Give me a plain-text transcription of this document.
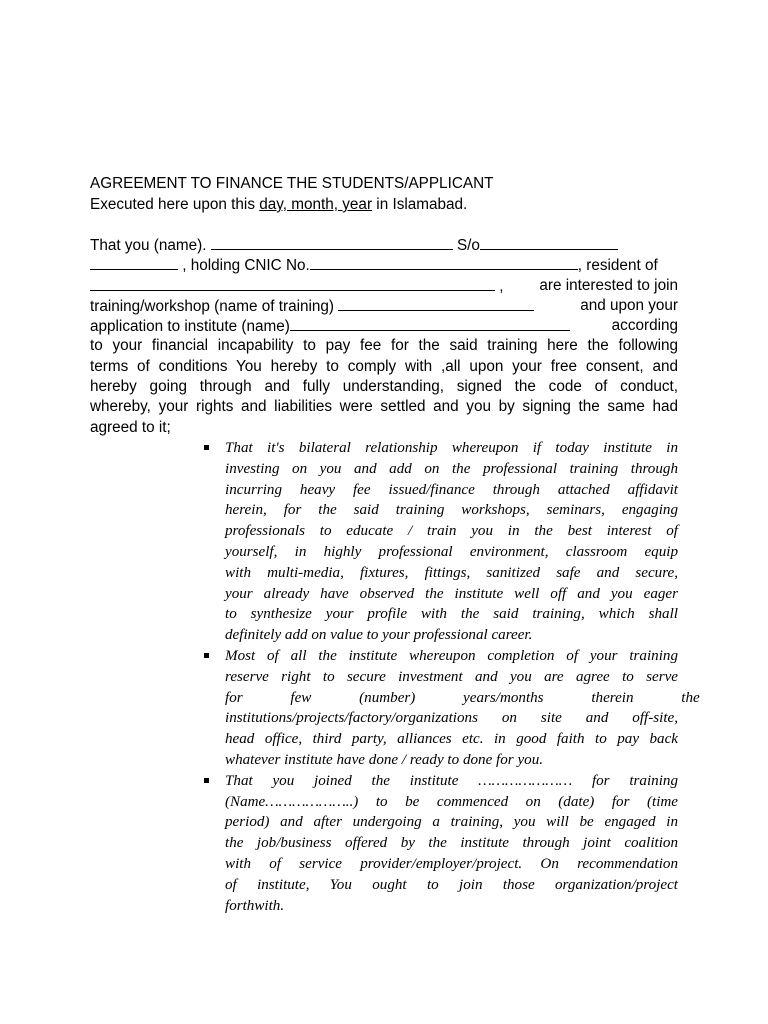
AGREEMENT TO FINANCE THE STUDENTS/APPLICANT
Executed here upon this day, month, year in Islamabad.
That you (name).	S/o
, holding CNIC No.	, resident of
, are interested to join
training/workshop (name of training)	and upon your
application to institute (name)	according
to your financial incapability to pay fee for the said training here the following
terms of conditions You hereby to comply with ,all upon your free consent, and
hereby going through and fully understanding, signed the code of conduct,
whereby, your rights and liabilities were settled and you by signing the same had
agreed to it;
That it's bilateral relationship whereupon if today institute in
investing on you and add on the professional training through
incurring heavy fee issued/finance through attached affidavit
herein, for the said training workshops, seminars, engaging
professionals to educate / train you in the best interest of
yourself, in highly professional environment, classroom equip
with multi-media, fixtures, fittings, sanitized safe and secure,
your already have observed the institute well off and you eager
to synthesize your profile with the said training, which shall
definitely add on value to your professional career.
Most of all the institute whereupon completion of your training
reserve right to secure investment and you are agree to serve
for few (number) years/months therein the
institutions/projects/factory/organizations on site and off-site,
head office, third party, alliances etc. in good faith to pay back
whatever institute have done / ready to done for you.
That you joined the institute ………………… for training
(Name………………..) to be commenced on (date) for (time
period) and after undergoing a training, you will be engaged in
the job/business offered by the institute through joint coalition
with of service provider/employer/project. On recommendation
of institute, You ought to join those organization/project
forthwith.
